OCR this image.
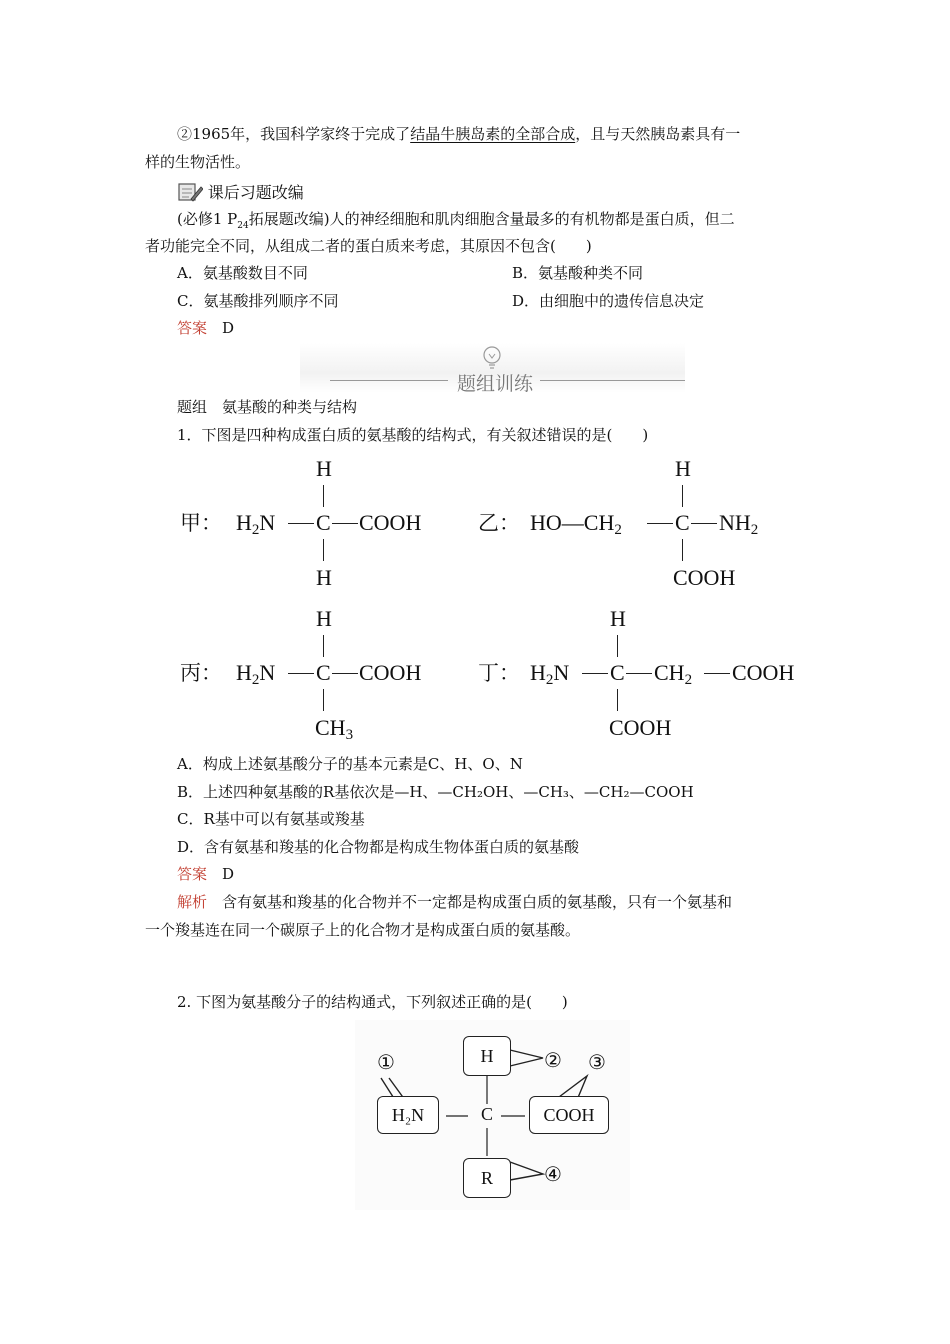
②1965年，我国科学家终于完成了结晶牛胰岛素的全部合成，且与天然胰岛素具有一
样的生物活性。
课后习题改编
(必修1 $P_{24}$拓展题改编)人的神经细胞和肌肉细胞含量最多的有机物都是蛋白质，但二
者功能完全不同，从组成二者的蛋白质来考虑，其原因不包含(　　)
A．氨基酸数目不同	B．氨基酸种类不同
C．氨基酸排列顺序不同	D．由细胞中的遗传信息决定
答案　 D
题组训练
题组　氨基酸的种类与结构
1．下图是四种构成蛋白质的氨基酸的结构式，有关叙述错误的是(　　)
甲： $H_2N$ C COOH
H
H
乙： $HO—CH_2$ C $NH_2$
H
COOH
丙： $H_2N$ C COOH
H
$CH_3$
丁： $H_2N$ C $CH_2$ COOH
H
COOH
A．构成上述氨基酸分子的基本元素是C、H、O、N
B．上述四种氨基酸的R基依次是—H、—CH₂OH、—CH₃、—CH₂—COOH
C．R基中可以有氨基或羧基
D．含有氨基和羧基的化合物都是构成生物体蛋白质的氨基酸
答案　 D
解析　含有氨基和羧基的化合物并不一定都是构成蛋白质的氨基酸，只有一个氨基和
一个羧基连在同一个碳原子上的化合物才是构成蛋白质的氨基酸。
2. 下图为氨基酸分子的结构通式，下列叙述正确的是(　　)
①
H₂N
H	② ③
C	COOH
R	④
